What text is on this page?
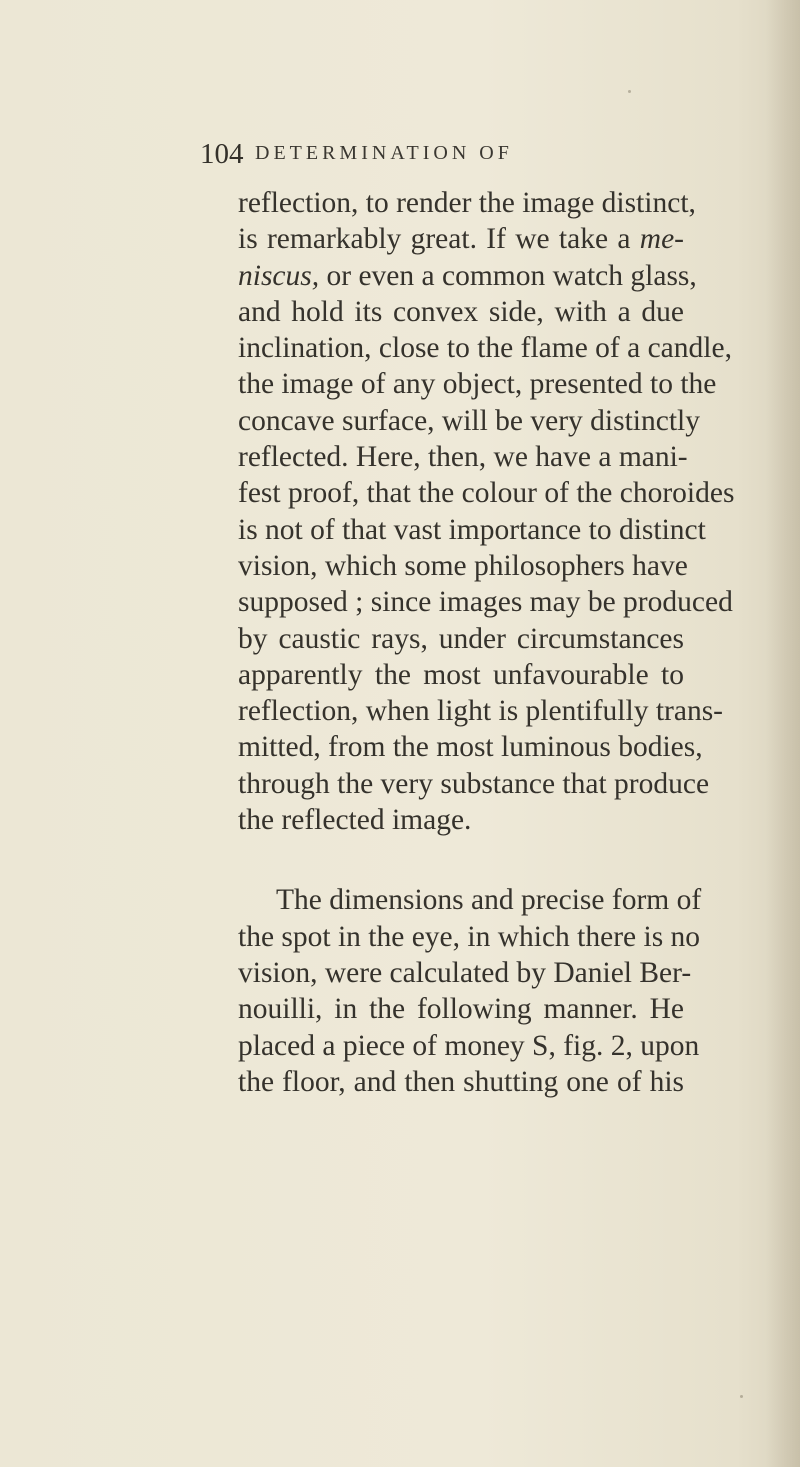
104 DETERMINATION OF
reflection, to render the image distinct,
is remarkably great. If we take a me-
niscus, or even a common watch glass,
and hold its convex side, with a due
inclination, close to the flame of a candle,
the image of any object, presented to the
concave surface, will be very distinctly
reflected. Here, then, we have a mani-
fest proof, that the colour of the choroides
is not of that vast importance to distinct
vision, which some philosophers have
supposed ; since images may be produced
by caustic rays, under circumstances
apparently the most unfavourable to
reflection, when light is plentifully trans-
mitted, from the most luminous bodies,
through the very substance that produce
the reflected image.
The dimensions and precise form of
the spot in the eye, in which there is no
vision, were calculated by Daniel Ber-
nouilli, in the following manner. He
placed a piece of money S, fig. 2, upon
the floor, and then shutting one of his
